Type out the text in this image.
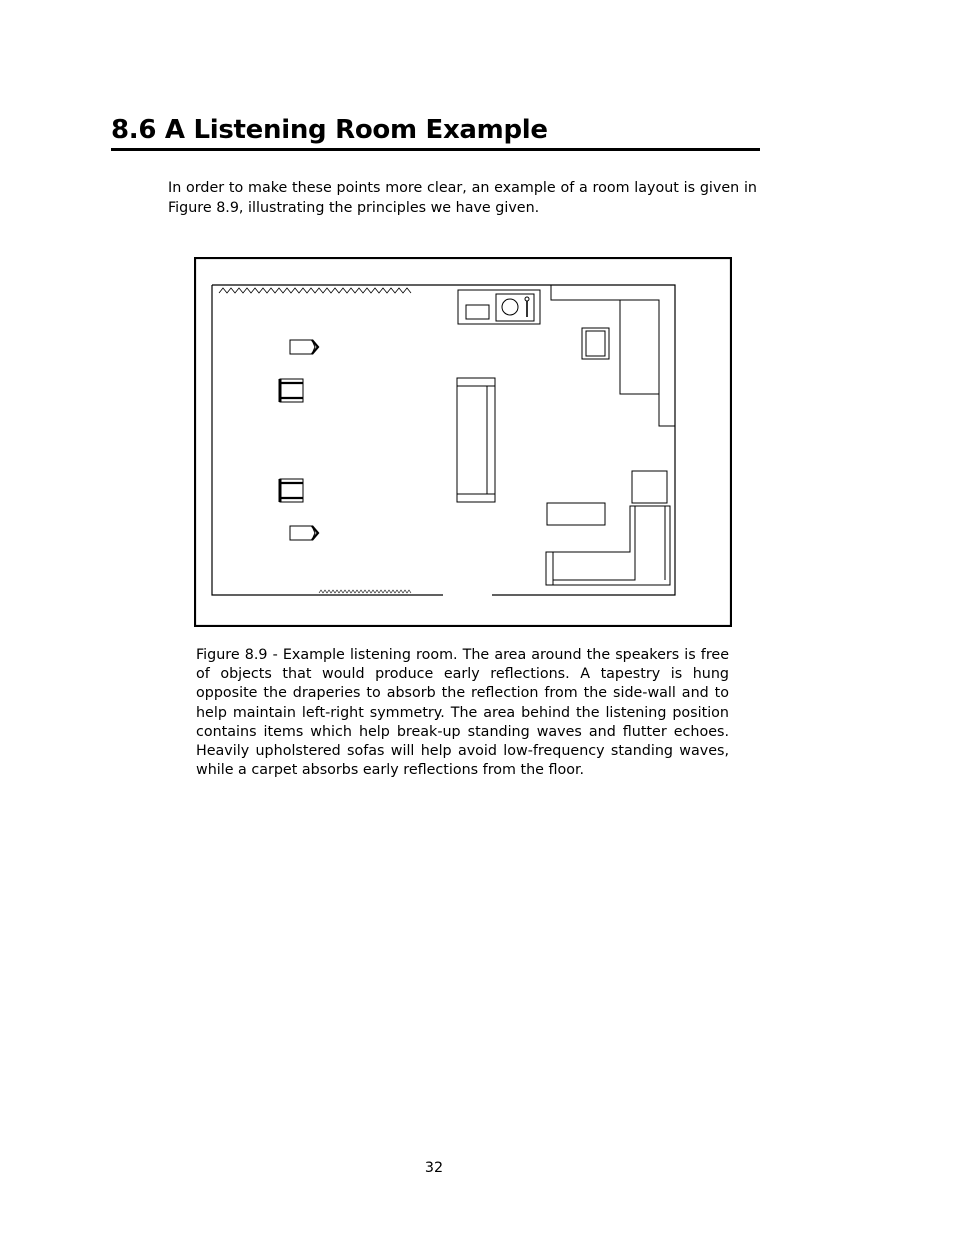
8.6 A Listening Room Example

In order to make these points more clear, an example of a room layout is given in Figure 8.9, illustrating the principles we have given.

Figure 8.9 - Example listening room. The area around the speakers is free of objects that would produce early reflections. A tapestry is hung opposite the draperies to absorb the reflection from the side-wall and to help maintain left-right symmetry. The area behind the listening position contains items which help break-up standing waves and flutter echoes. Heavily upholstered sofas will help avoid low-frequency standing waves, while a carpet absorbs early reflections from the floor.

32
